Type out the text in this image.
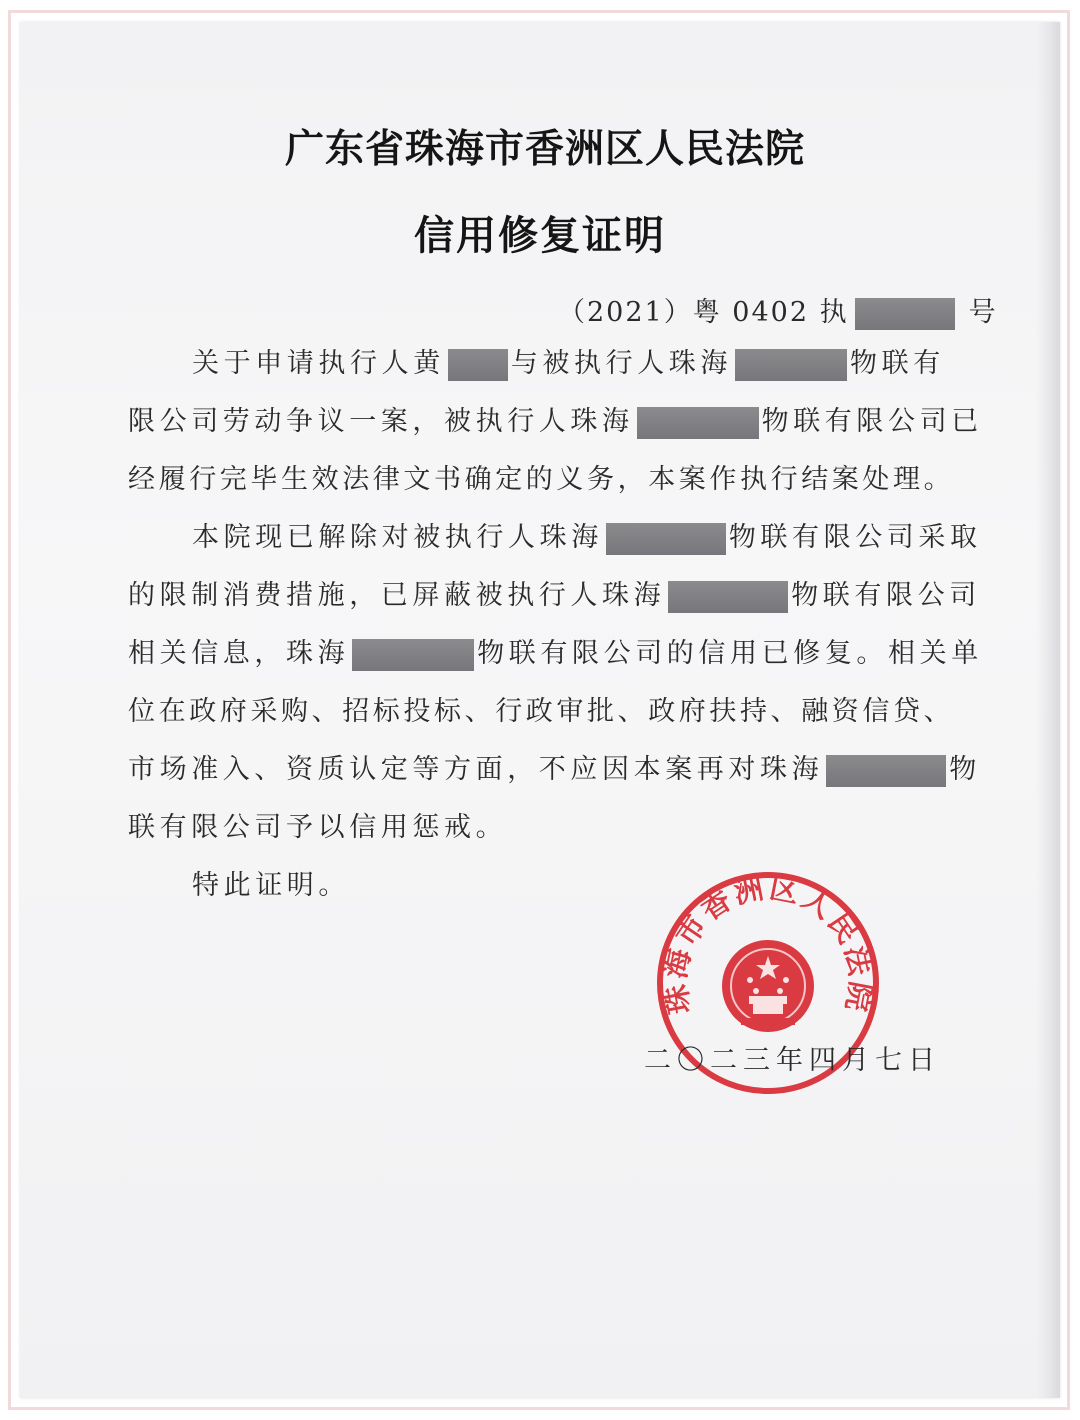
广东省珠海市香洲区人民法院
信用修复证明
（2021）粤 0402 执	号
关于申请执行人黄 与被执行人珠海	物联有
限公司劳动争议一案，被执行人珠海	物联有限公司已
经履行完毕生效法律文书确定的义务，本案作执行结案处理。
本院现已解除对被执行人珠海	物联有限公司采取
的限制消费措施，已屏蔽被执行人珠海	物联有限公司
相关信息，珠海	物联有限公司的信用已修复。相关单
位在政府采购、招标投标、行政审批、政府扶持、融资信贷、
市场准入、资质认定等方面，不应因本案再对珠海	物
联有限公司予以信用惩戒。
特此证明。
珠海市香洲区人民法院
二〇二三年四月七日
